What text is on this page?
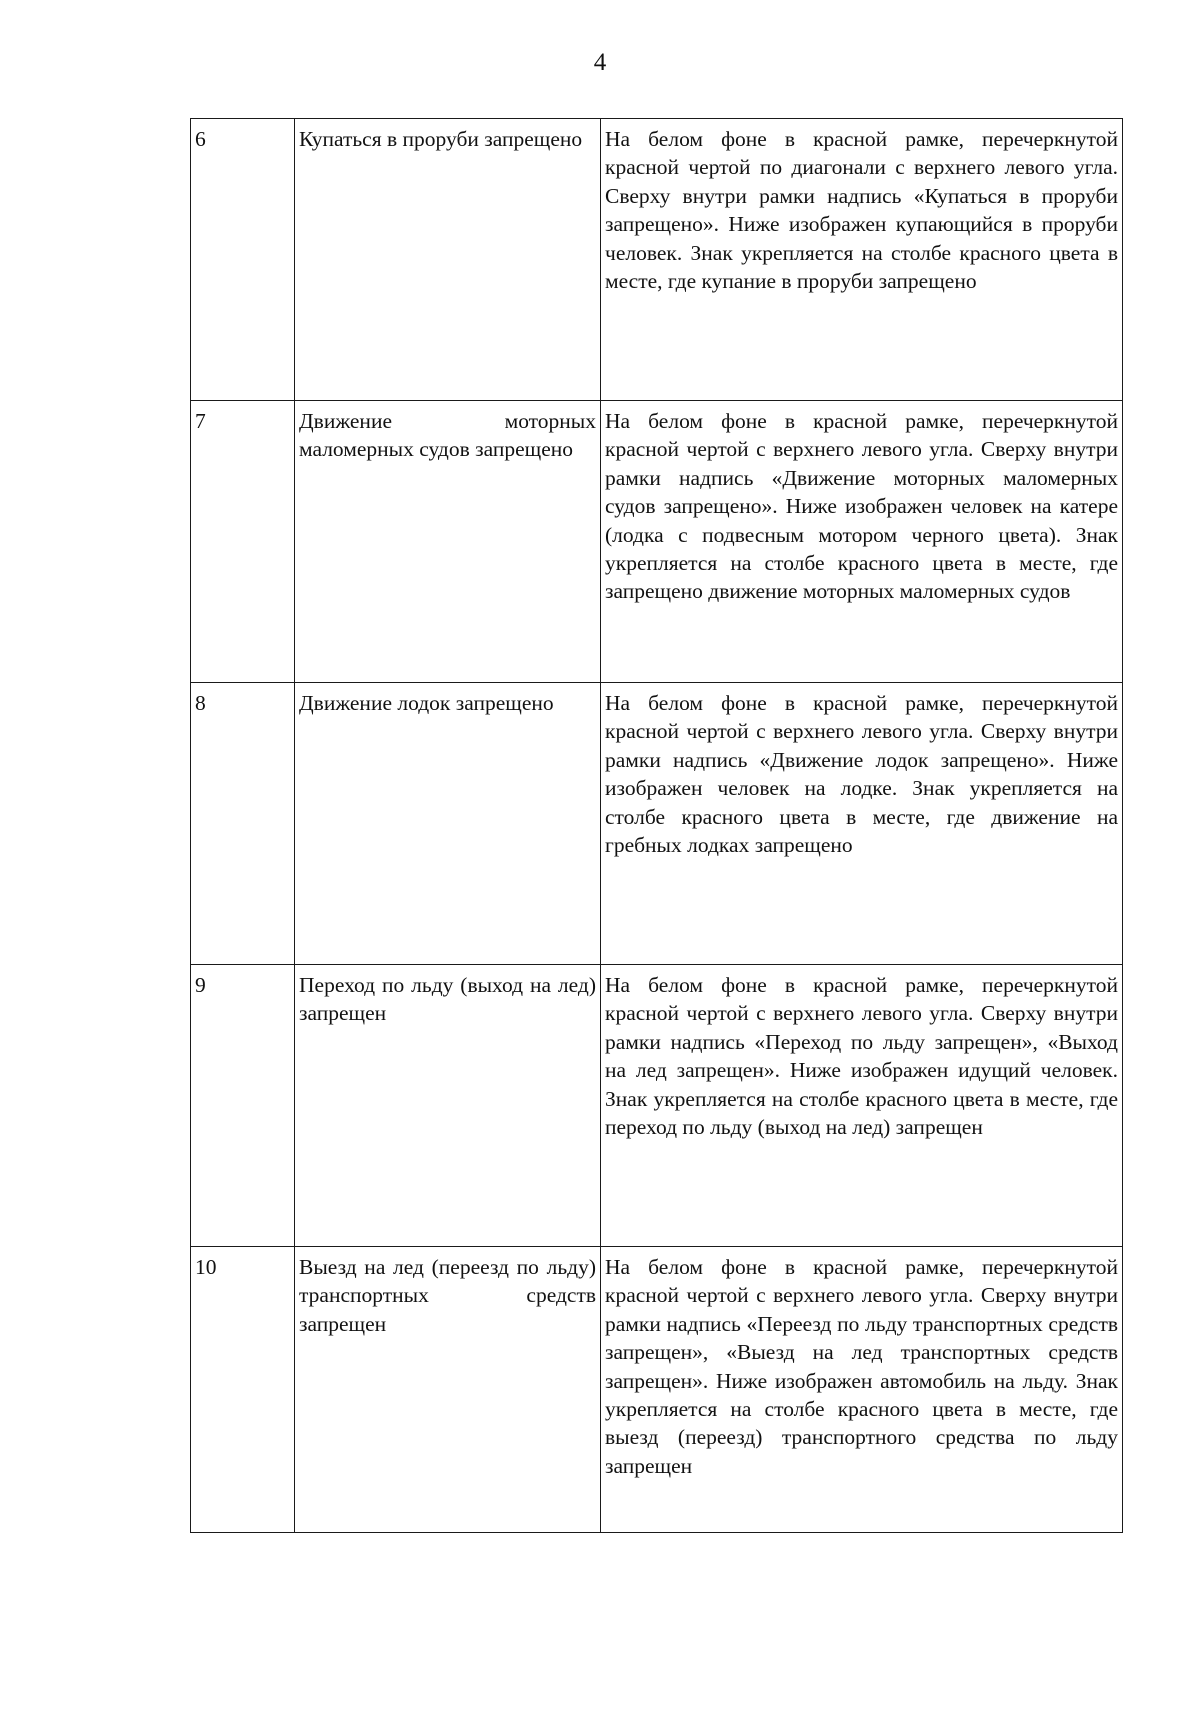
4
6	Купаться в проруби запрещено	На белом фоне в красной рамке, перечеркнутой красной чертой по диагонали с верхнего левого угла. Сверху внутри рамки надпись «Купаться в проруби запрещено». Ниже изображен купающийся в проруби человек. Знак укрепляется на столбе красного цвета в месте, где купание в проруби запрещено
7	Движение моторных маломерных судов запрещено	На белом фоне в красной рамке, перечеркнутой красной чертой с верхнего левого угла. Сверху внутри рамки надпись «Движение моторных маломерных судов запрещено». Ниже изображен человек на катере (лодка с подвесным мотором черного цвета). Знак укрепляется на столбе красного цвета в месте, где запрещено движение моторных маломерных судов
8	Движение лодок запрещено	На белом фоне в красной рамке, перечеркнутой красной чертой с верхнего левого угла. Сверху внутри рамки надпись «Движение лодок запрещено». Ниже изображен человек на лодке. Знак укрепляется на столбе красного цвета в месте, где движение на гребных лодках запрещено
9	Переход по льду (выход на лед) запрещен	На белом фоне в красной рамке, перечеркнутой красной чертой с верхнего левого угла. Сверху внутри рамки надпись «Переход по льду запрещен», «Выход на лед запрещен». Ниже изображен идущий человек. Знак укрепляется на столбе красного цвета в месте, где переход по льду (выход на лед) запрещен
10	Выезд на лед (переезд по льду) транспортных средств запрещен	На белом фоне в красной рамке, перечеркнутой красной чертой с верхнего левого угла. Сверху внутри рамки надпись «Переезд по льду транспортных средств запрещен», «Выезд на лед транспортных средств запрещен». Ниже изображен автомобиль на льду. Знак укрепляется на столбе красного цвета в месте, где выезд (переезд) транспортного средства по льду запрещен
